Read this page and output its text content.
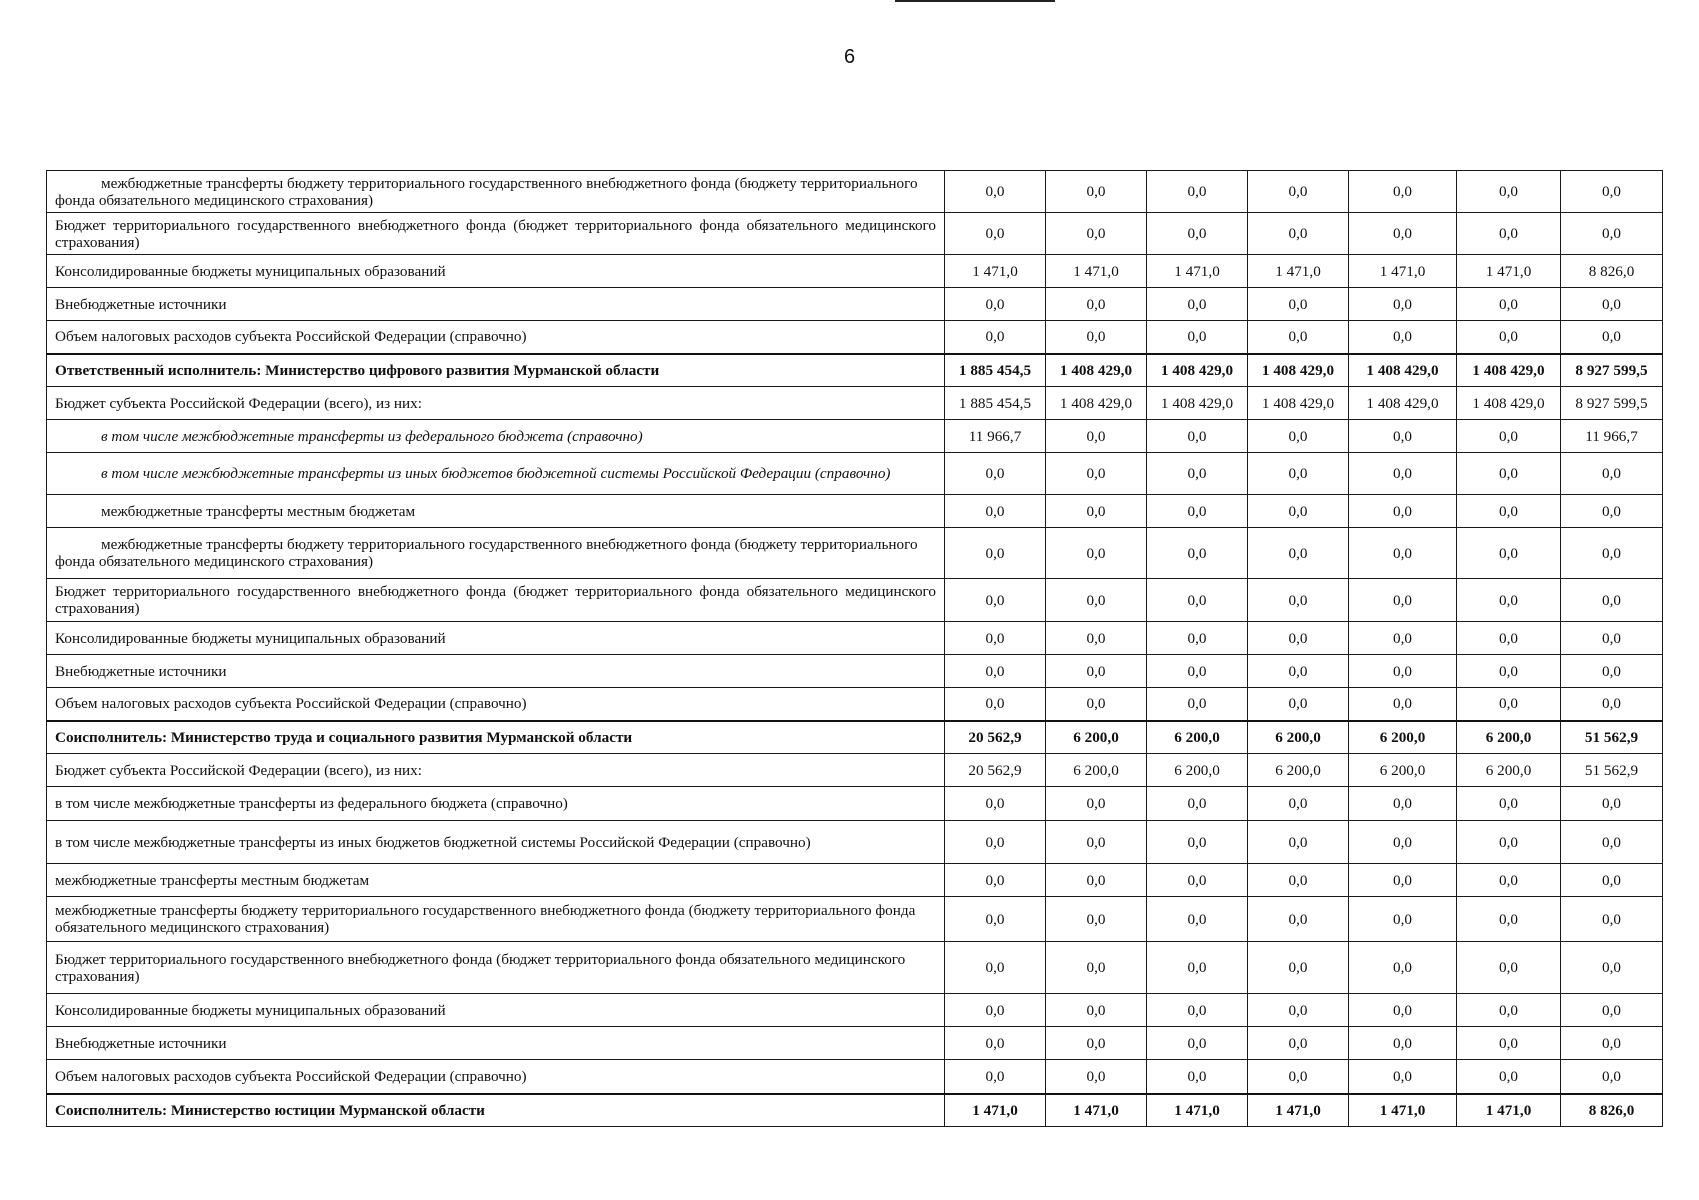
6
межбюджетные трансферты бюджету территориального государственного внебюджетного фонда (бюджету территориального фонда обязательного медицинского страхования)	0,0	0,0	0,0	0,0	0,0	0,0	0,0
Бюджет территориального государственного внебюджетного фонда (бюджет территориального фонда обязательного медицинского страхования)	0,0	0,0	0,0	0,0	0,0	0,0	0,0
Консолидированные бюджеты муниципальных образований	1 471,0	1 471,0	1 471,0	1 471,0	1 471,0	1 471,0	8 826,0
Внебюджетные источники	0,0	0,0	0,0	0,0	0,0	0,0	0,0
Объем налоговых расходов субъекта Российской Федерации (справочно)	0,0	0,0	0,0	0,0	0,0	0,0	0,0
Ответственный исполнитель: Министерство цифрового развития Мурманской области	1 885 454,5	1 408 429,0	1 408 429,0	1 408 429,0	1 408 429,0	1 408 429,0	8 927 599,5
Бюджет субъекта Российской Федерации (всего), из них:	1 885 454,5	1 408 429,0	1 408 429,0	1 408 429,0	1 408 429,0	1 408 429,0	8 927 599,5
в том числе межбюджетные трансферты из федерального бюджета (справочно)	11 966,7	0,0	0,0	0,0	0,0	0,0	11 966,7
в том числе межбюджетные трансферты из иных бюджетов бюджетной системы Российской Федерации (справочно)	0,0	0,0	0,0	0,0	0,0	0,0	0,0
межбюджетные трансферты местным бюджетам	0,0	0,0	0,0	0,0	0,0	0,0	0,0
межбюджетные трансферты бюджету территориального государственного внебюджетного фонда (бюджету территориального фонда обязательного медицинского страхования)	0,0	0,0	0,0	0,0	0,0	0,0	0,0
Бюджет территориального государственного внебюджетного фонда (бюджет территориального фонда обязательного медицинского страхования)	0,0	0,0	0,0	0,0	0,0	0,0	0,0
Консолидированные бюджеты муниципальных образований	0,0	0,0	0,0	0,0	0,0	0,0	0,0
Внебюджетные источники	0,0	0,0	0,0	0,0	0,0	0,0	0,0
Объем налоговых расходов субъекта Российской Федерации (справочно)	0,0	0,0	0,0	0,0	0,0	0,0	0,0
Соисполнитель: Министерство труда и социального развития Мурманской области	20 562,9	6 200,0	6 200,0	6 200,0	6 200,0	6 200,0	51 562,9
Бюджет субъекта Российской Федерации (всего), из них:	20 562,9	6 200,0	6 200,0	6 200,0	6 200,0	6 200,0	51 562,9
в том числе межбюджетные трансферты из федерального бюджета (справочно)	0,0	0,0	0,0	0,0	0,0	0,0	0,0
в том числе межбюджетные трансферты из иных бюджетов бюджетной системы Российской Федерации (справочно)	0,0	0,0	0,0	0,0	0,0	0,0	0,0
межбюджетные трансферты местным бюджетам	0,0	0,0	0,0	0,0	0,0	0,0	0,0
межбюджетные трансферты бюджету территориального государственного внебюджетного фонда (бюджету территориального фонда обязательного медицинского страхования)	0,0	0,0	0,0	0,0	0,0	0,0	0,0
Бюджет территориального государственного внебюджетного фонда (бюджет территориального фонда обязательного медицинского страхования)	0,0	0,0	0,0	0,0	0,0	0,0	0,0
Консолидированные бюджеты муниципальных образований	0,0	0,0	0,0	0,0	0,0	0,0	0,0
Внебюджетные источники	0,0	0,0	0,0	0,0	0,0	0,0	0,0
Объем налоговых расходов субъекта Российской Федерации (справочно)	0,0	0,0	0,0	0,0	0,0	0,0	0,0
Соисполнитель: Министерство юстиции Мурманской области	1 471,0	1 471,0	1 471,0	1 471,0	1 471,0	1 471,0	8 826,0
